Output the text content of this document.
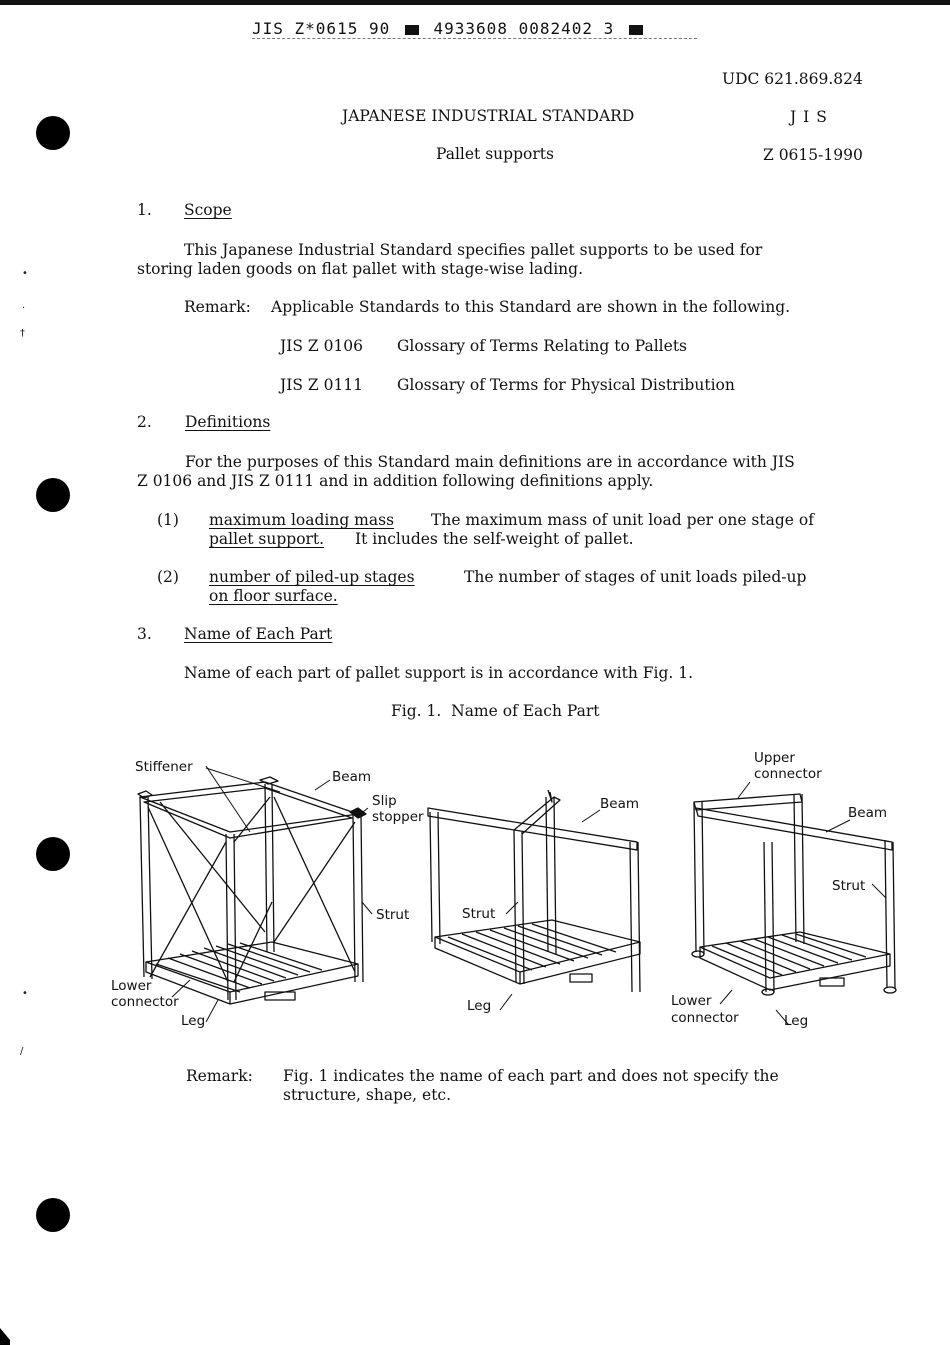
JIS Z*0615 90	4933608 0082402 3
•
·
†
•
/
UDC 621.869.824
JAPANESE INDUSTRIAL STANDARD	J I S
Pallet supports	Z 0615-1990
1. Scope
This Japanese Industrial Standard specifies pallet supports to be used for
storing laden goods on flat pallet with stage-wise lading.
Remark: Applicable Standards to this Standard are shown in the following.
JIS Z 0106 Glossary of Terms Relating to Pallets
JIS Z 0111 Glossary of Terms for Physical Distribution
2. Definitions
For the purposes of this Standard main definitions are in accordance with JIS
Z 0106 and JIS Z 0111 and in addition following definitions apply.
(1) maximum loading mass The maximum mass of unit load per one stage of
pallet support. It includes the self-weight of pallet.
(2) number of piled-up stages	The number of stages of unit loads piled-up
on floor surface.
3. Name of Each Part
Name of each part of pallet support is in accordance with Fig. 1.
Fig. 1.  Name of Each Part
Stiffener
Beam
Slip
stopper
Strut
Lower
connector
Leg
Beam
Strut
Leg
Upper
connector
Beam
Strut
Lower
connector	Leg
Remark: Fig. 1 indicates the name of each part and does not specify the
structure, shape, etc.
